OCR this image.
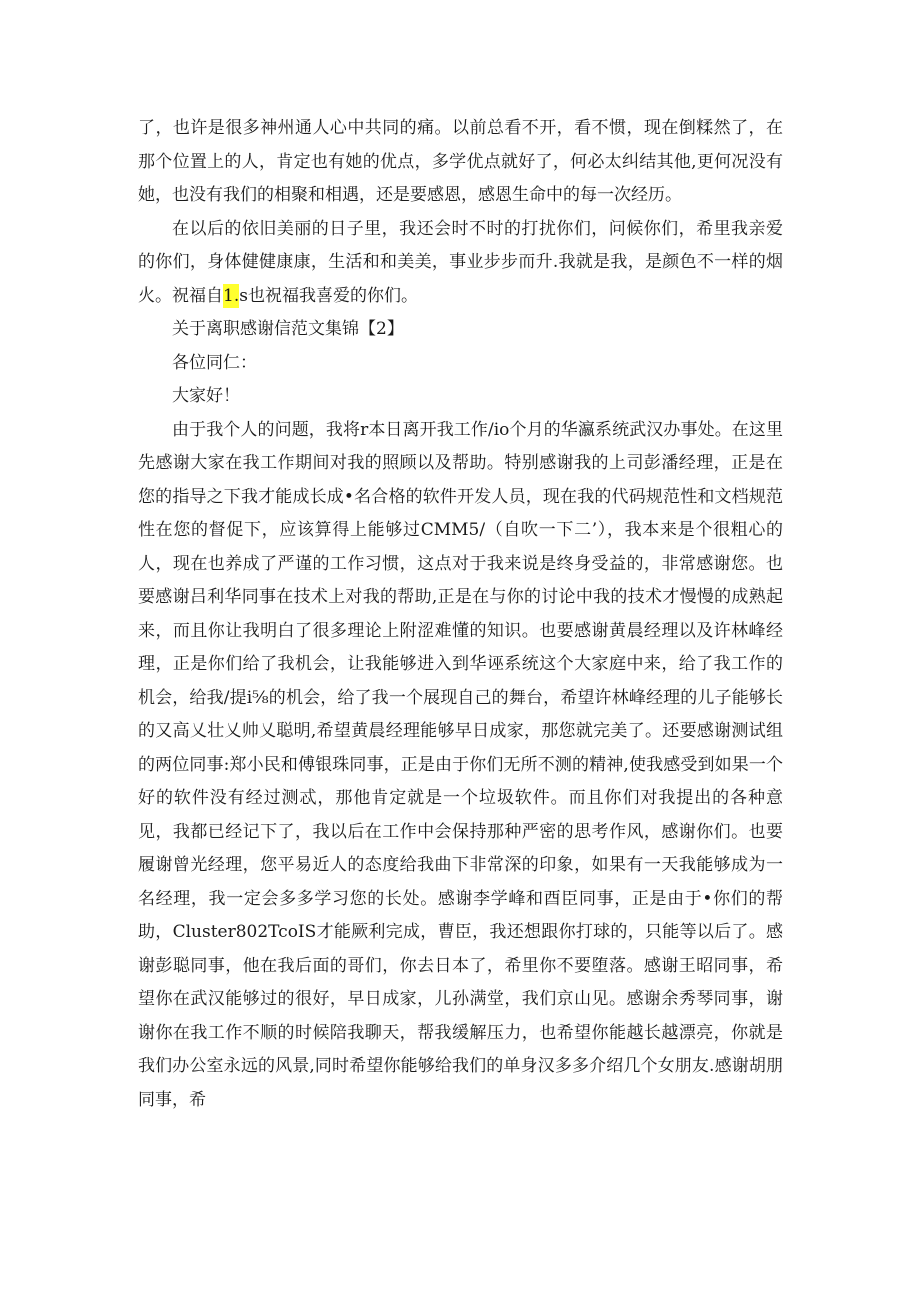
了，也许是很多神州通人心中共同的痛。以前总看不开，看不惯，现在倒糅然了，在那个位置上的人，肯定也有她的优点，多学优点就好了，何必太纠结其他,更何况没有她，也没有我们的相聚和相遇，还是要感恩，感恩生命中的每一次经历。

在以后的依旧美丽的日子里，我还会时不时的打扰你们，问候你们，希里我亲爱的你们，身体健健康康，生活和和美美，事业步步而升.我就是我，是颜色不一样的烟火。祝福自1.s也祝福我喜爱的你们。

关于离职感谢信范文集锦【2】

各位同仁：

大家好！

由于我个人的问题，我将r本日离开我工作/io个月的华瀛系统武汉办事处。在这里先感谢大家在我工作期间对我的照顾以及帮助。特别感谢我的上司彭潘经理，正是在您的指导之下我才能成长成•名合格的软件开发人员，现在我的代码规范性和文档规范性在您的督促下，应该算得上能够过CMM5/（自吹一下二’），我本来是个很粗心的人，现在也养成了严谨的工作习惯，这点对于我来说是终身受益的，非常感谢您。也要感谢吕利华同事在技术上对我的帮助,正是在与你的讨论中我的技术才慢慢的成熟起来，而且你让我明白了很多理论上附涩难懂的知识。也要感谢黄晨经理以及许林峰经理，正是你们给了我机会，让我能够进入到华诬系统这个大家庭中来，给了我工作的机会，给我/提i⅝的机会，给了我一个展现自己的舞台，希望许林峰经理的儿子能够长的又高乂壮乂帅乂聪明,希望黄晨经理能够早日成家，那您就完美了。还要感谢测试组的两位同事:郑小民和傅银珠同事，正是由于你们无所不测的精神,使我感受到如果一个好的软件没有经过测忒，那他肯定就是一个垃圾软件。而且你们对我提出的各种意见，我都已经记下了，我以后在工作中会保持那种严密的思考作风，感谢你们。也要履谢曾光经理，您平易近人的态度给我曲下非常深的印象，如果有一天我能够成为一名经理，我一定会多多学习您的长处。感谢李学峰和酉臣同事，正是由于•你们的帮助，Cluster802TcoIS才能厥利完成，曹臣，我还想跟你打球的，只能等以后了。感谢彭聪同事，他在我后面的哥们，你去日本了，希里你不要堕落。感谢王昭同事，希望你在武汉能够过的很好，早日成家，儿孙满堂，我们京山见。感谢余秀琴同事，谢谢你在我工作不顺的时候陪我聊天，帮我缓解压力，也希望你能越长越漂亮，你就是我们办公室永远的风景,同时希望你能够给我们的单身汉多多介绍几个女朋友.感谢胡朋同事，希
